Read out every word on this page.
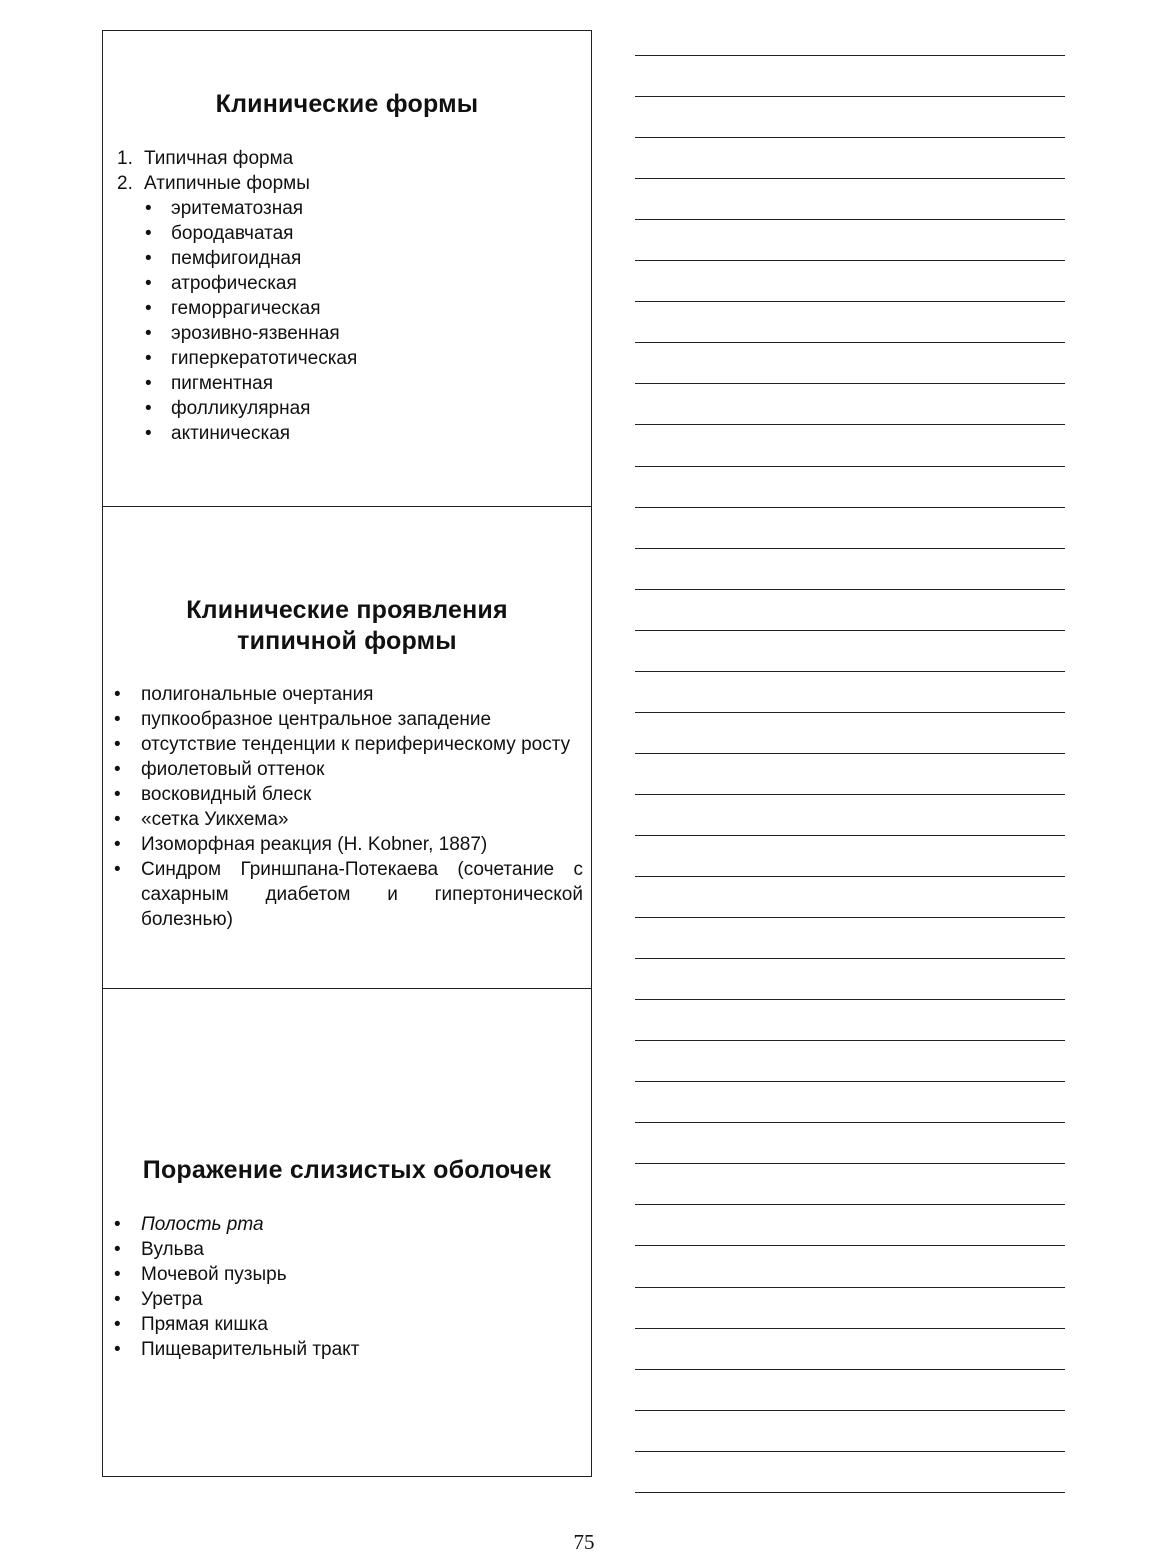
Клинические формы
1. Типичная форма
2. Атипичные формы
• эритематозная
• бородавчатая
• пемфигоидная
• атрофическая
• геморрагическая
• эрозивно-язвенная
• гиперкератотическая
• пигментная
• фолликулярная
• актиническая
Клинические проявления
типичной формы
• полигональные очертания
• пупкообразное центральное западение
• отсутствие тенденции к периферическому росту
• фиолетовый оттенок
• восковидный блеск
• «сетка Уикхема»
• Изоморфная реакция (H. Kobner, 1887)
• Синдром Гриншпана-Потекаева (сочетание с сахарным диабетом и гипертонической болезнью)
Поражение слизистых оболочек
• Полость рта
• Вульва
• Мочевой пузырь
• Уретра
• Прямая кишка
• Пищеварительный тракт
75
